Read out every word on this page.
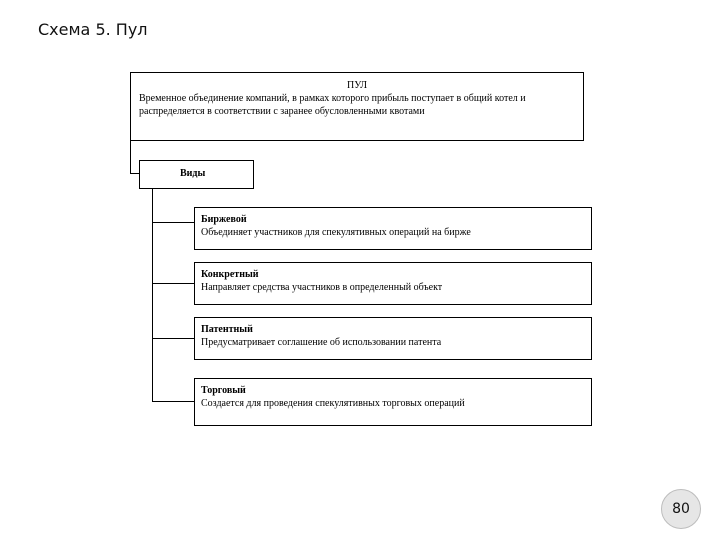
Схема 5. Пул
ПУЛ
Временное объединение компаний, в рамках которого прибыль поступает в общий котел и распределяется в соответствии с заранее обусловленными квотами
Виды
Биржевой
Объединяет участников для спекулятивных операций на бирже
Конкретный
Направляет средства участников в определенный объект
Патентный
Предусматривает соглашение об использовании патента
Торговый
Создается для проведения спекулятивных торговых операций
80
